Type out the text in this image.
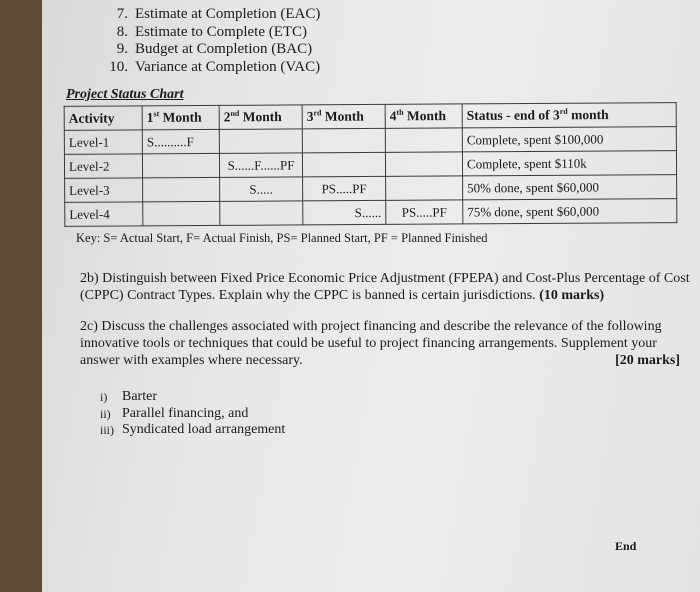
7. Estimate at Completion (EAC)
8. Estimate to Complete (ETC)
9. Budget at Completion (BAC)
10. Variance at Completion (VAC)
Project Status Chart
Activity	1st Month	2nd Month	3rd Month	4th Month	Status - end of 3rd month
Level-1	S..........F				Complete, spent $100,000
Level-2		S......F......PF			Complete, spent $110k
Level-3		S.....	PS.....PF		50% done, spent $60,000
Level-4			S......	PS.....PF	75% done, spent $60,000
Key: S= Actual Start, F= Actual Finish, PS= Planned Start, PF = Planned Finished
2b) Distinguish between Fixed Price Economic Price Adjustment (FPEPA) and Cost-Plus Percentage of Cost (CPPC) Contract Types. Explain why the CPPC is banned is certain jurisdictions. (10 marks)
2c) Discuss the challenges associated with project financing and describe the relevance of the following innovative tools or techniques that could be useful to project financing arrangements. Supplement your answer with examples where necessary.	[20 marks]
i)	Barter
ii) Parallel financing, and
iii) Syndicated load arrangement
End
